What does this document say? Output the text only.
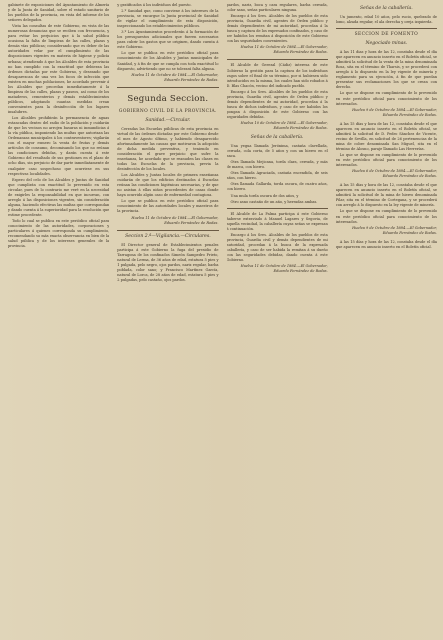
gabinete de exposiciones del Ayuntamiento de Almería y de la Junta de Sanidad, sobre el estado sanitario de los pueblos de la provincia, en vista del informe de los señores delegados.

Vista las consultas de este Gobierno, en vista de las numerosas denuncias que se reciben con frecuencia, y para evitar los perjuicios que á la salud pública ocasiona la falta de limpieza de las calles, plazas y demás vías públicas; considerando que es deber de las autoridades velar por el cumplimiento de las disposiciones vigentes en materia de higiene y policía urbana; atendiendo á que los Alcaldes de esta provincia no han cumplido con la exactitud que debieran las órdenes dictadas por este Gobierno, y deseando que desaparezcan de una vez los focos de infección que existen en muchas poblaciones, he acordado prevenir á los Alcaldes que procedan inmediatamente á la limpieza de las calles, plazas y paseos, así como de los mataderos, cementerios y demás establecimientos públicos, adoptando cuantas medidas crean convenientes para la desinfección de los lugares insalubres.

Los Alcaldes prohibirán la permanencia de aguas estancadas dentro del radio de la población y cuidarán de que los vecinos no arrojen basuras ni inmundicias á la vía pública, imponiendo las multas que autorizan las Ordenanzas municipales á los contraventores; vigilarán con el mayor esmero la venta de frutas y demás artículos de consumo, decomisando los que no reúnan las condiciones debidas, y darán cuenta á este Gobierno del resultado de sus gestiones en el plazo de ocho días, sin perjuicio de dar parte inmediatamente de cualquier caso sospechoso que ocurriese en sus respectivas localidades.

Espero del celo de los Alcaldes y Juntas de Sanidad que cumplirán con exactitud lo prevenido en esta circular, pues de lo contrario me veré en la necesidad de exigirles la responsabilidad en que incurran, con arreglo á las disposiciones vigentes, sin consideración alguna, haciendo efectivas las multas que correspondan y dando cuenta á la superioridad para la resolución que estime procedente.

Todo lo cual se publica en este periódico oficial para conocimiento de las autoridades, corporaciones y particulares á quienes corresponda su cumplimiento, recomendando su más exacta observancia en bien de la salud pública y de los intereses generales de la provincia.

y gratificados á los individuos del puesto.

2.º Sanidad que, como conviene á los intereses de la provincia, se encargue la Junta provincial de Sanidad de vigilar el cumplimiento de esta disposición, inspeccionando los establecimientos públicos.

3.º Los Ayuntamientos procederán á la formación de los presupuestos adicionales que fueren necesarios para cubrir los gastos que se originen, dando cuenta á este Gobierno.

Lo que se publica en este periódico oficial para conocimiento de los Alcaldes y Juntas municipales de Sanidad, y á fin de que se cumpla con toda exactitud lo dispuesto, advirtiendo que no se tolerará falta alguna.

Huelva 11 de Octubre de 1884.—El Gobernador, Eduardo Fernández de Rodas.

Segunda Seccion.
GOBIERNO CIVIL DE LA PROVINCIA.
Sanidad.—Circular.

Cerradas las Escuelas públicas de esta provincia en virtud de las órdenes dictadas por este Gobierno desde el mes de Agosto último, y habiendo desaparecido afortunadamente las causas que motivaron la adopción de dicha medida preventiva, y teniendo en consideración el grave perjuicio que sufre la enseñanza, he acordado que se reanuden las clases en todas las Escuelas de la provincia, previa la desinfección de los locales.

Los Alcaldes y Juntas locales de primera enseñanza cuidarán de que los edificios destinados á Escuelas reúnan las condiciones higiénicas necesarias, y de que no asistan á ellas niños procedentes de casas donde haya ocurrido algún caso de enfermedad contagiosa.

Lo que se publica en este periódico oficial para conocimiento de las autoridades locales y maestros de la provincia.

Huelva 11 de Octubre de 1884.—El Gobernador, Eduardo Fernández de Rodas.

Seccion 2.ª—Vigilancia.—Circulares.

El Director general de Establecimientos penales participa á este Gobierno la fuga del presidio de Tarragona de los confinados Simeón Sampedro Prieto, natural de Lerma, de 36 años de edad, estatura 5 pies y 1 pulgada, pelo negro, ojos pardos, nariz regular, barba poblada, color sano; y Francisco Martínez García, natural de Lorca, de 28 años de edad, estatura 5 pies y 2 pulgadas, pelo castaño, ojos pardos.

pardos, nariz, boca y cara regulares, barba cerrada, color sano, señas particulares ninguna.

Encargo á los Sres. Alcaldes de los pueblos de esta provincia, Guardia civil, agentes de Orden público y demás dependientes de mi autoridad, procedan á la busca y captura de los expresados confinados, y caso de ser habidos los remitan á disposición de este Gobierno con las seguridades convenientes.

Huelva 11 de Octubre de 1884.—El Gobernador, Eduardo Fernández de Rodas.

El Alcalde de Gerezal (Cádiz) interesa de este Gobierno la gestión para la captura de los individuos vagos sobre el final de su término, por si hubiesen sido introducidos en la misma, los cuales han sido robados á D. Blas Chacón, vecino del indicado pueblo.

Encargo á los Sres. Alcaldes de los pueblos de esta provincia, Guardia civil, agentes de Orden público y demás dependientes de mi autoridad, procedan á la busca de dichos individuos, y caso de ser habidos los pongan á disposición de este Gobierno con las seguridades debidas.

Huelva 10 de Octubre de 1884.—El Gobernador, Eduardo Fernández de Rodas.

Señas de la caballería.

Una yegua llamada Jerónima, castaña clavellada, cerrada, cola corta, de 5 años y con un hierro en el anca.

Otra llamada Mejicana, torda clara, cerrada, y más de marca, con hierro.

Otra llamada Agraciada, castaña encendida, de seis años, con hierro.

Otra llamada Gallarda, torda oscura, de cuatro años, con hierro.

Una mula torda oscura de dos años, y

Otro asno castaño de un año, y herradas ambas.

El Alcalde de La Palma participa á este Gobierno haberse extraviado á Manuel Lagares y Segovia, de aquella vecindad, la caballería cuyas señas se expresan á continuación.

Encargo á los Sres. Alcaldes de los pueblos de esta provincia, Guardia civil y demás dependientes de mi autoridad, procedan á la busca de la expresada caballería, y caso de ser habida la remitan á su dueño con las seguridades debidas, dando cuenta á este Gobierno.

Huelva 11 de Octubre de 1884.—El Gobernador, Eduardo Fernández de Rodas.

Señas de la caballería.

Un jumento, edad 10 años, pelo rucio, quebrado de lomo, alzada regular, el ala derecha y oreja izquierda.

SECCION DE FOMENTO
Negociado minas.

A las 11 dias y hora de las 12, constaba desde el día que aparecen en anuncio inserto en el Boletín oficial, se admitirá la solicitud de la venta de la mina denominada Rosa, sita en el término de Tharsis, y se procederá con arreglo á lo dispuesto en la ley vigente de minería y reglamento para su ejecución, á fin de que puedan presentar sus reclamaciones los que se crean con derecho.

Lo que se dispone en cumplimiento de lo prevenido en este periódico oficial para conocimiento de los interesados.

Huelva 9 de Octubre de 1884.—El Gobernador, Eduardo Fernández de Rodas.

A las 15 días y hora de las 12, constaba desde el que aparecen en anuncio inserto en el Boletín oficial, se admitirá la solicitud de D. Pedro Sánchez de Vicente, vecino de Sevilla, en solicitud de 26 pertenencias de la mina de cobre denominada San Miguel, sita en el término de Alosno, paraje llamado Las Herrerías.

Lo que se dispone en cumplimiento de lo prevenido en este periódico oficial para conocimiento de los interesados.

Huelva 6 de Octubre de 1884.—El Gobernador, Eduardo Fernández de Rodas.

A las 15 días y hora de las 12, constaba desde el que aparecen en anuncio inserto en el Boletín oficial, se admitirá la solicitud de la mina de hierro denominada Pilar, sita en el término de Cortegana, y se procederá con arreglo á lo dispuesto en la ley vigente de minería.

Lo que se dispone en cumplimiento de lo prevenido en este periódico oficial para conocimiento de los interesados.

Huelva 9 de Octubre de 1884.—El Gobernador, Eduardo Fernández de Rodas.

A las 15 días y hora de las 12, constaba desde el día que aparecen en anuncio inserto en el Boletín oficial.
